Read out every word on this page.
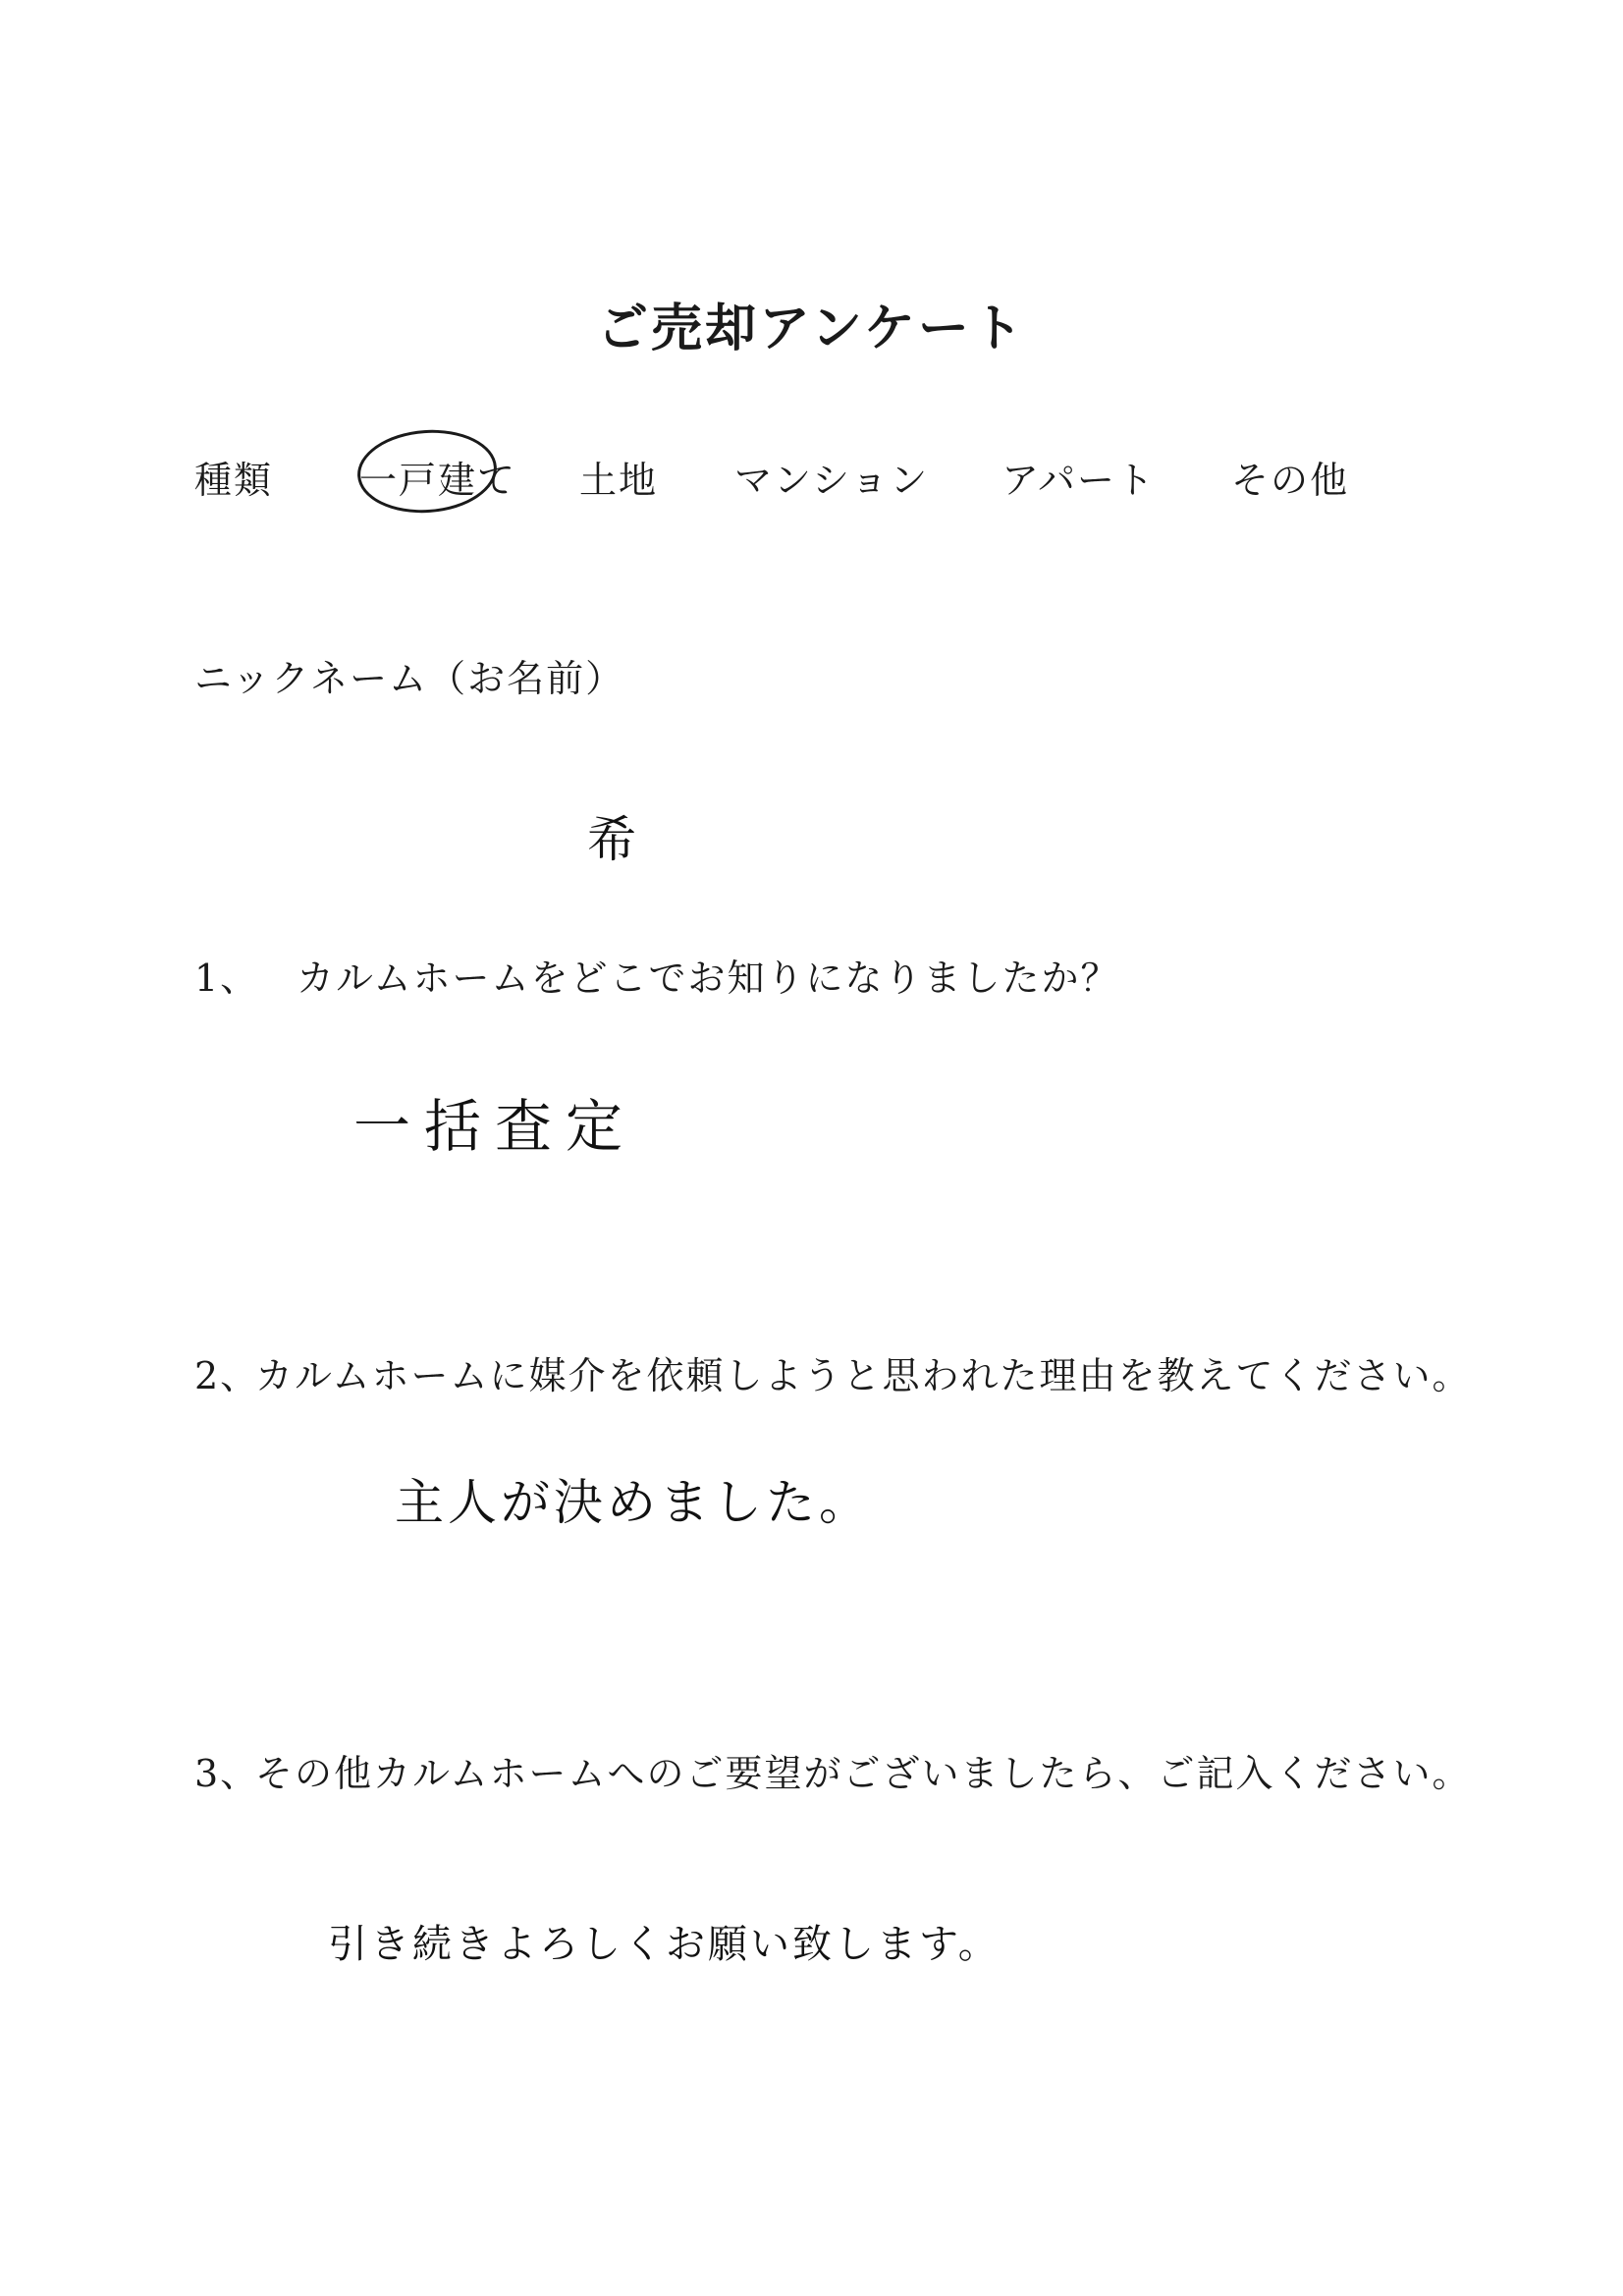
ご売却アンケート
種類 一戸建て 土地 マンション アパート その他
ニックネーム（お名前）
希
1、 カルムホームをどこでお知りになりましたか？
一括査定
2、カルムホームに媒介を依頼しようと思われた理由を教えてください。
主人が決めました。
3、その他カルムホームへのご要望がございましたら、ご記入ください。
引き続きよろしくお願い致します。
